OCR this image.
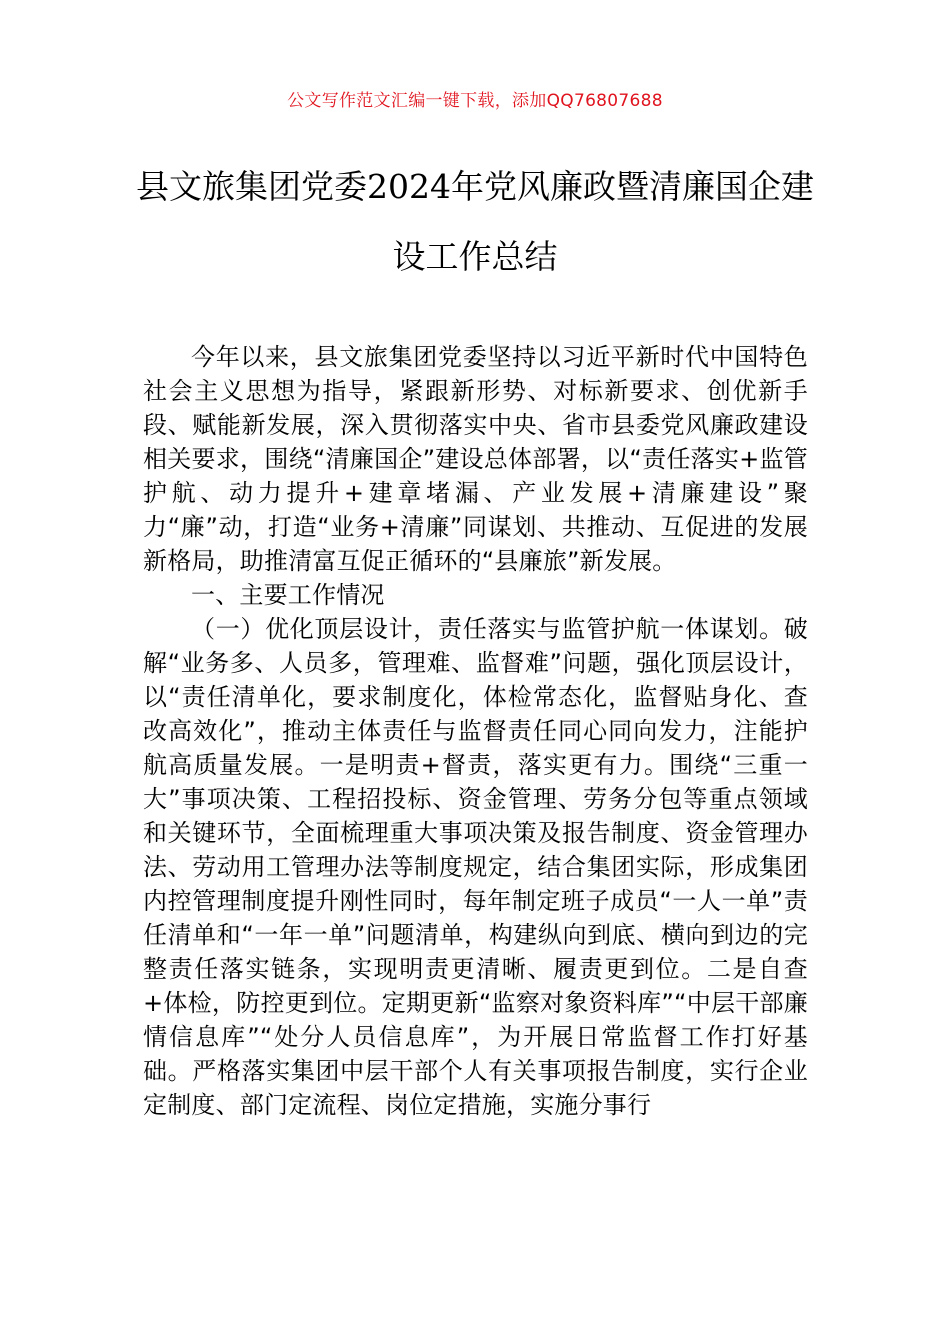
公文写作范文汇编一键下载，添加QQ76807688
县文旅集团党委2024年党风廉政暨清廉国企建设工作总结

今年以来，县文旅集团党委坚持以习近平新时代中国特色社会主义思想为指导，紧跟新形势、对标新要求、创优新手段、赋能新发展，深入贯彻落实中央、省市县委党风廉政建设相关要求，围绕“清廉国企”建设总体部署，以“责任落实+监管护航、动力提升+建章堵漏、产业发展+清廉建设”聚力“廉”动，打造“业务+清廉”同谋划、共推动、互促进的发展新格局，助推清富互促正循环的“县廉旅”新发展。

一、主要工作情况

（一）优化顶层设计，责任落实与监管护航一体谋划。破解“业务多、人员多，管理难、监督难”问题，强化顶层设计，以“责任清单化，要求制度化，体检常态化，监督贴身化、查改高效化”，推动主体责任与监督责任同心同向发力，注能护航高质量发展。一是明责+督责，落实更有力。围绕“三重一大”事项决策、工程招投标、资金管理、劳务分包等重点领域和关键环节，全面梳理重大事项决策及报告制度、资金管理办法、劳动用工管理办法等制度规定，结合集团实际，形成集团内控管理制度提升刚性同时，每年制定班子成员“一人一单”责任清单和“一年一单”问题清单，构建纵向到底、横向到边的完整责任落实链条，实现明责更清晰、履责更到位。二是自查+体检，防控更到位。定期更新“监察对象资料库”“中层干部廉情信息库”“处分人员信息库”，为开展日常监督工作打好基础。严格落实集团中层干部个人有关事项报告制度，实行企业定制度、部门定流程、岗位定措施，实施分事行
